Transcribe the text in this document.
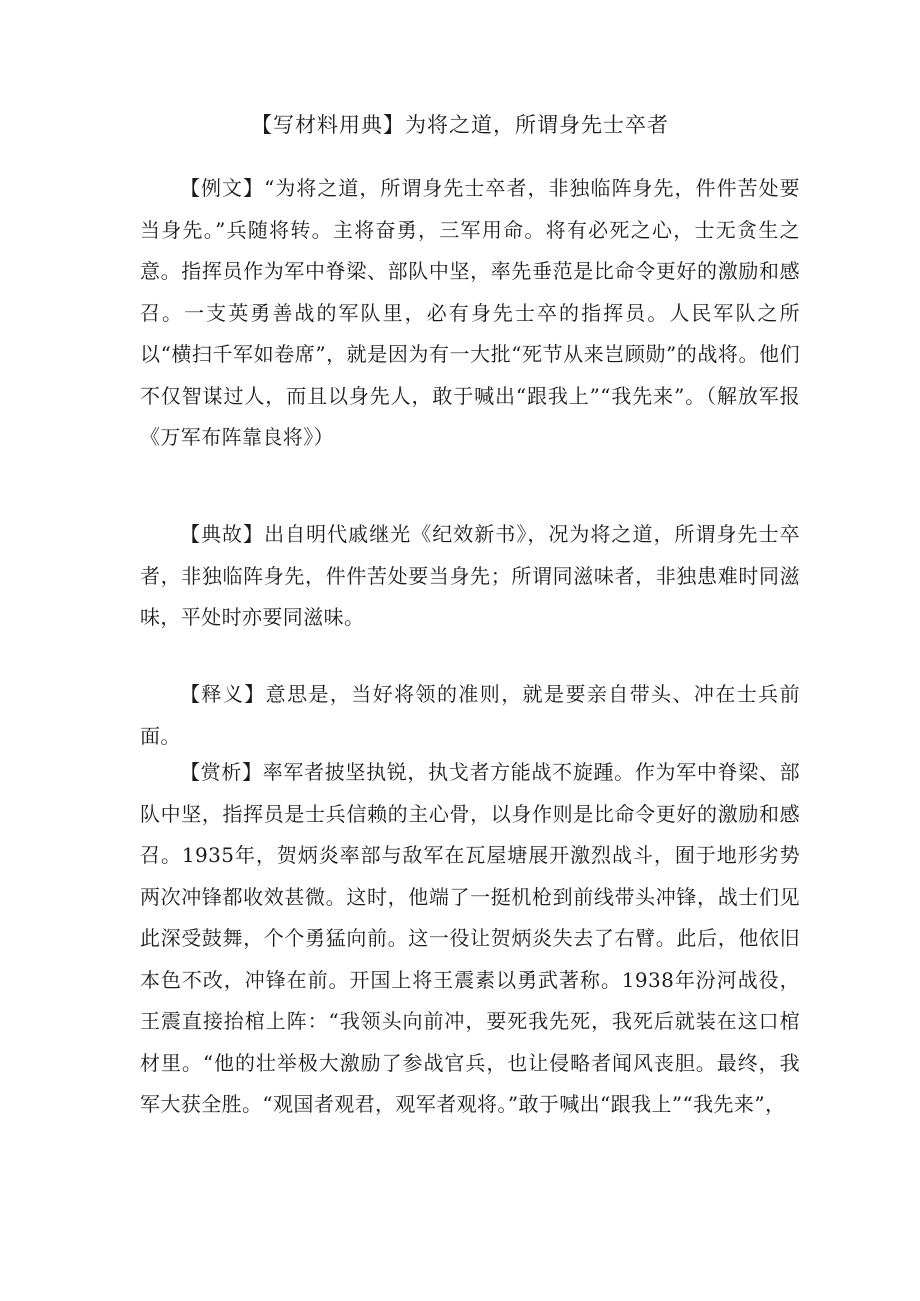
【写材料用典】为将之道，所谓身先士卒者

【例文】“为将之道，所谓身先士卒者，非独临阵身先，件件苦处要当身先。”兵随将转。主将奋勇，三军用命。将有必死之心，士无贪生之意。指挥员作为军中脊梁、部队中坚，率先垂范是比命令更好的激励和感召。一支英勇善战的军队里，必有身先士卒的指挥员。人民军队之所以“横扫千军如卷席”，就是因为有一大批“死节从来岂顾勋”的战将。他们不仅智谋过人，而且以身先人，敢于喊出“跟我上”“我先来”。（解放军报《万军布阵靠良将》）

【典故】出自明代戚继光《纪效新书》，况为将之道，所谓身先士卒者，非独临阵身先，件件苦处要当身先；所谓同滋味者，非独患难时同滋味，平处时亦要同滋味。

【释义】意思是，当好将领的准则，就是要亲自带头、冲在士兵前面。

【赏析】率军者披坚执锐，执戈者方能战不旋踵。作为军中脊梁、部队中坚，指挥员是士兵信赖的主心骨，以身作则是比命令更好的激励和感召。1935年，贺炳炎率部与敌军在瓦屋塘展开激烈战斗，囿于地形劣势两次冲锋都收效甚微。这时，他端了一挺机枪到前线带头冲锋，战士们见此深受鼓舞，个个勇猛向前。这一役让贺炳炎失去了右臂。此后，他依旧本色不改，冲锋在前。开国上将王震素以勇武著称。1938年汾河战役，王震直接抬棺上阵：“我领头向前冲，要死我先死，我死后就装在这口棺材里。“他的壮举极大激励了参战官兵，也让侵略者闻风丧胆。最终，我军大获全胜。“观国者观君，观军者观将。”敢于喊出“跟我上”“我先来”，
